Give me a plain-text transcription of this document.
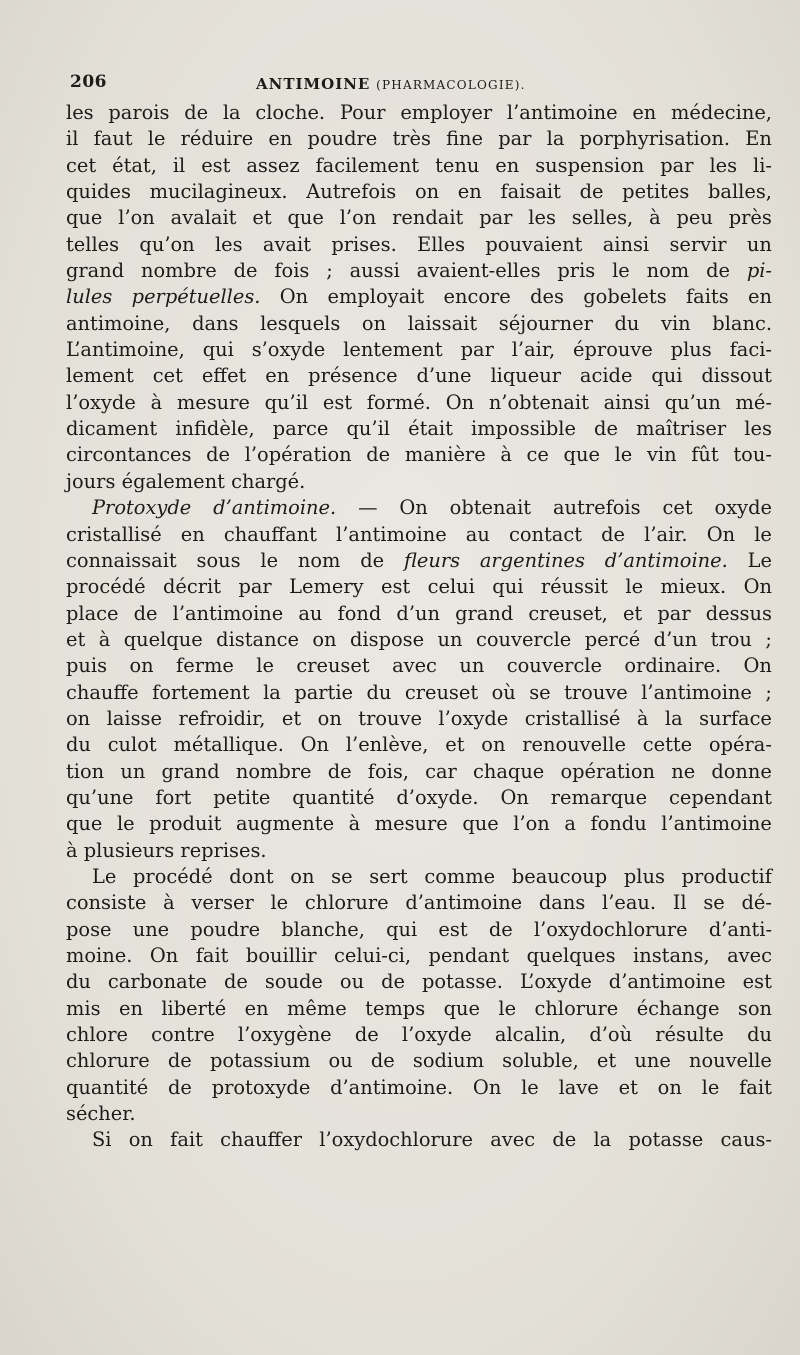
206	ANTIMOINE (PHARMACOLOGIE).
les parois de la cloche. Pour employer l’antimoine en médecine,
il faut le réduire en poudre très fine par la porphyrisation. En
cet état, il est assez facilement tenu en suspension par les li-
quides mucilagineux. Autrefois on en faisait de petites balles,
que l’on avalait et que l’on rendait par les selles, à peu près
telles qu’on les avait prises. Elles pouvaient ainsi servir un
grand nombre de fois ; aussi avaient-elles pris le nom de pi-
lules perpétuelles. On employait encore des gobelets faits en
antimoine, dans lesquels on laissait séjourner du vin blanc.
L’antimoine, qui s’oxyde lentement par l’air, éprouve plus faci-
lement cet effet en présence d’une liqueur acide qui dissout
l’oxyde à mesure qu’il est formé. On n’obtenait ainsi qu’un mé-
dicament infidèle, parce qu’il était impossible de maîtriser les
circontances de l’opération de manière à ce que le vin fût tou-
jours également chargé.
Protoxyde d’antimoine. — On obtenait autrefois cet oxyde
cristallisé en chauffant l’antimoine au contact de l’air. On le
connaissait sous le nom de fleurs argentines d’antimoine. Le
procédé décrit par Lemery est celui qui réussit le mieux. On
place de l’antimoine au fond d’un grand creuset, et par dessus
et à quelque distance on dispose un couvercle percé d’un trou ;
puis on ferme le creuset avec un couvercle ordinaire. On
chauffe fortement la partie du creuset où se trouve l’antimoine ;
on laisse refroidir, et on trouve l’oxyde cristallisé à la surface
du culot métallique. On l’enlève, et on renouvelle cette opéra-
tion un grand nombre de fois, car chaque opération ne donne
qu’une fort petite quantité d’oxyde. On remarque cependant
que le produit augmente à mesure que l’on a fondu l’antimoine
à plusieurs reprises.
Le procédé dont on se sert comme beaucoup plus productif
consiste à verser le chlorure d’antimoine dans l’eau. Il se dé-
pose une poudre blanche, qui est de l’oxydochlorure d’anti-
moine. On fait bouillir celui-ci, pendant quelques instans, avec
du carbonate de soude ou de potasse. L’oxyde d’antimoine est
mis en liberté en même temps que le chlorure échange son
chlore contre l’oxygène de l’oxyde alcalin, d’où résulte du
chlorure de potassium ou de sodium soluble, et une nouvelle
quantité de protoxyde d’antimoine. On le lave et on le fait
sécher.
Si on fait chauffer l’oxydochlorure avec de la potasse caus-
